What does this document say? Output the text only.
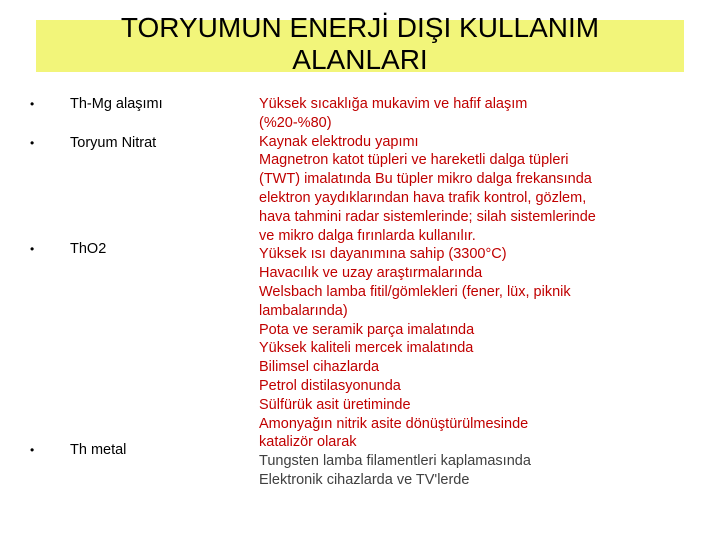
TORYUMUN ENERJİ DIŞI KULLANIM
ALANLARI
• Th-Mg alaşımı
• Toryum Nitrat
• ThO2
• Th metal
Yüksek sıcaklığa mukavim ve hafif alaşım
(%20-%80)
Kaynak elektrodu yapımı
Magnetron katot tüpleri ve hareketli dalga tüpleri
(TWT) imalatında Bu tüpler mikro dalga frekansında
elektron yaydıklarından hava trafik kontrol, gözlem,
hava tahmini radar sistemlerinde; silah sistemlerinde
ve mikro dalga fırınlarda kullanılır.
Yüksek ısı dayanımına sahip (3300°C)
Havacılık ve uzay araştırmalarında
Welsbach lamba fitil/gömlekleri (fener, lüx, piknik
lambalarında)
Pota ve seramik parça imalatında
Yüksek kaliteli mercek imalatında
Bilimsel cihazlarda
Petrol distilasyonunda
Sülfürük asit üretiminde
Amonyağın nitrik asite dönüştürülmesinde
katalizör olarak
Tungsten lamba filamentleri kaplamasında
Elektronik cihazlarda ve TV'lerde
